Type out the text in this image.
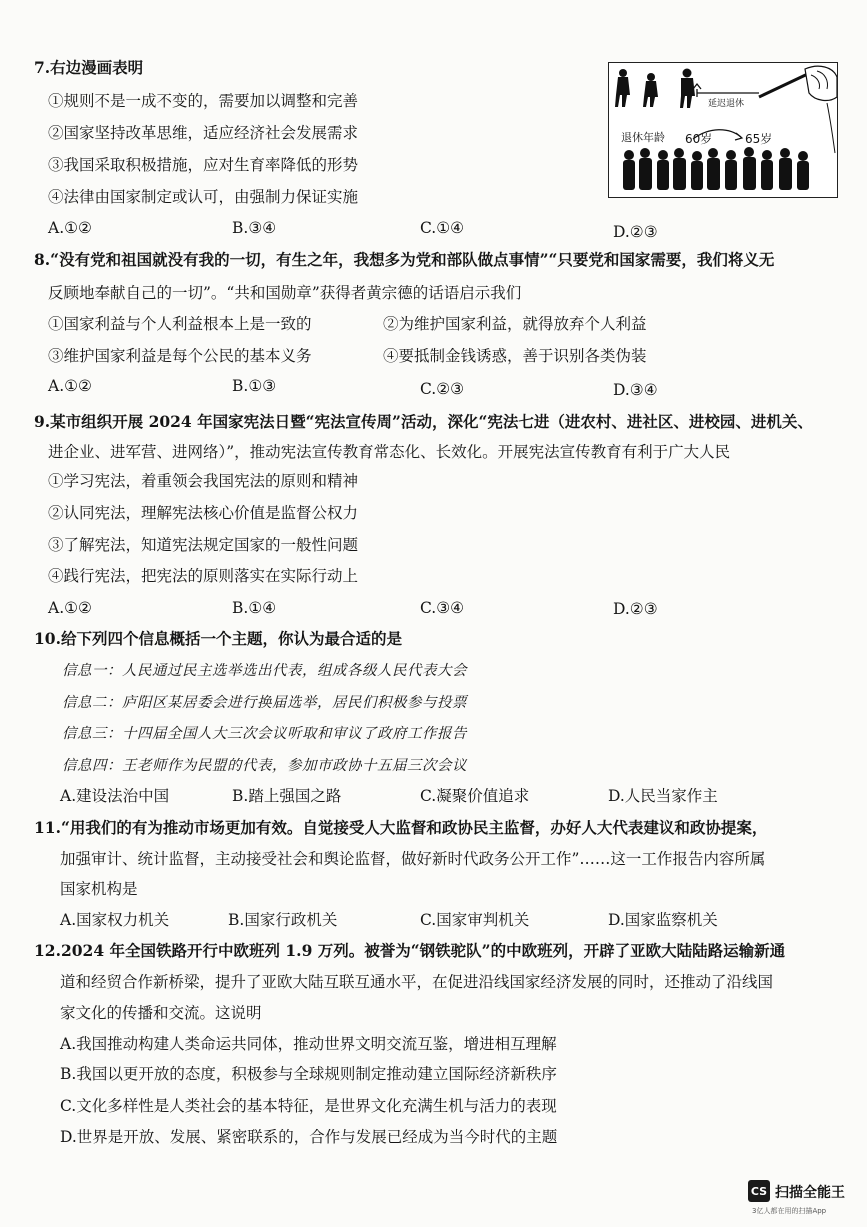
7.右边漫画表明
①规则不是一成不变的，需要加以调整和完善
②国家坚持改革思维，适应经济社会发展需求
③我国采取积极措施，应对生育率降低的形势
④法律由国家制定或认可，由强制力保证实施
A.①②	B.③④	C.①④	D.②③
延迟退休
退休年龄 60岁	65岁
8.“没有党和祖国就没有我的一切，有生之年，我想多为党和部队做点事情”“只要党和国家需要，我们将义无
反顾地奉献自己的一切”。“共和国勋章”获得者黄宗德的话语启示我们
①国家利益与个人利益根本上是一致的	②为维护国家利益，就得放弃个人利益
③维护国家利益是每个公民的基本义务	④要抵制金钱诱惑，善于识别各类伪装
A.①②	B.①③	C.②③	D.③④
9.某市组织开展 2024 年国家宪法日暨“宪法宣传周”活动，深化“宪法七进（进农村、进社区、进校园、进机关、
进企业、进军营、进网络）”，推动宪法宣传教育常态化、长效化。开展宪法宣传教育有利于广大人民
①学习宪法，着重领会我国宪法的原则和精神
②认同宪法，理解宪法核心价值是监督公权力
③了解宪法，知道宪法规定国家的一般性问题
④践行宪法，把宪法的原则落实在实际行动上
A.①②	B.①④	C.③④	D.②③
10.给下列四个信息概括一个主题，你认为最合适的是
信息一：人民通过民主选举选出代表，组成各级人民代表大会
信息二：庐阳区某居委会进行换届选举，居民们积极参与投票
信息三：十四届全国人大三次会议听取和审议了政府工作报告
信息四：王老师作为民盟的代表，参加市政协十五届三次会议
A.建设法治中国	B.踏上强国之路	C.凝聚价值追求	D.人民当家作主
11.“用我们的有为推动市场更加有效。自觉接受人大监督和政协民主监督，办好人大代表建议和政协提案，
加强审计、统计监督，主动接受社会和舆论监督，做好新时代政务公开工作”……这一工作报告内容所属
国家机构是
A.国家权力机关	B.国家行政机关	C.国家审判机关	D.国家监察机关
12.2024 年全国铁路开行中欧班列 1.9 万列。被誉为“钢铁驼队”的中欧班列，开辟了亚欧大陆陆路运输新通
道和经贸合作新桥梁，提升了亚欧大陆互联互通水平，在促进沿线国家经济发展的同时，还推动了沿线国
家文化的传播和交流。这说明
A.我国推动构建人类命运共同体，推动世界文明交流互鉴，增进相互理解
B.我国以更开放的态度，积极参与全球规则制定推动建立国际经济新秩序
C.文化多样性是人类社会的基本特征，是世界文化充满生机与活力的表现
D.世界是开放、发展、紧密联系的，合作与发展已经成为当今时代的主题
CS 扫描全能王
3亿人都在用的扫描App
